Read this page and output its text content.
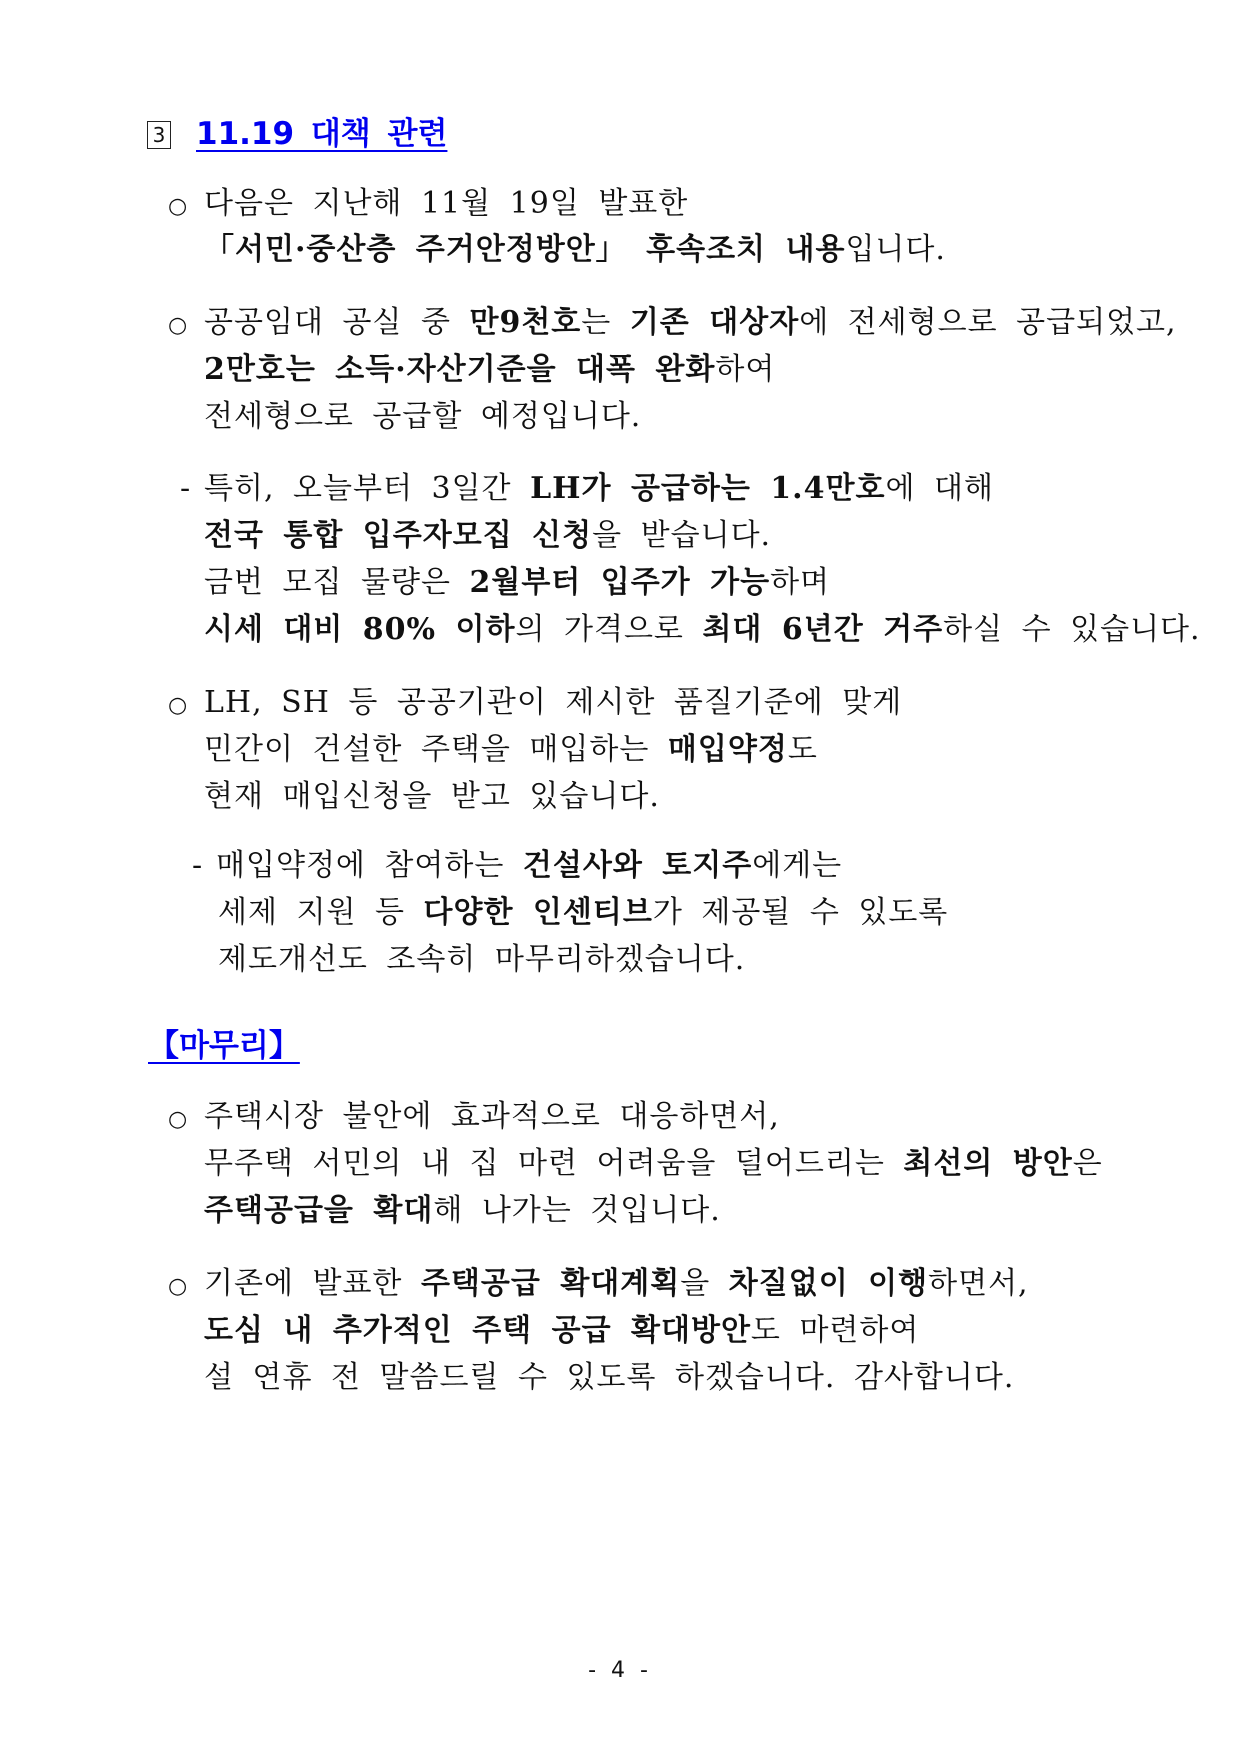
3 11.19 대책 관련
○ 다음은 지난해 11월 19일 발표한
「서민·중산층 주거안정방안」 후속조치 내용입니다.
○ 공공임대 공실 중 만9천호는 기존 대상자에 전세형으로 공급되었고,
2만호는 소득·자산기준을 대폭 완화하여
전세형으로 공급할 예정입니다.
- 특히, 오늘부터 3일간 LH가 공급하는 1.4만호에 대해
전국 통합 입주자모집 신청을 받습니다.
금번 모집 물량은 2월부터 입주가 가능하며
시세 대비 80% 이하의 가격으로 최대 6년간 거주하실 수 있습니다.
○ LH, SH 등 공공기관이 제시한 품질기준에 맞게
민간이 건설한 주택을 매입하는 매입약정도
현재 매입신청을 받고 있습니다.
- 매입약정에 참여하는 건설사와 토지주에게는
세제 지원 등 다양한 인센티브가 제공될 수 있도록
제도개선도 조속히 마무리하겠습니다.
【마무리】
○ 주택시장 불안에 효과적으로 대응하면서,
무주택 서민의 내 집 마련 어려움을 덜어드리는 최선의 방안은
주택공급을 확대해 나가는 것입니다.
○ 기존에 발표한 주택공급 확대계획을 차질없이 이행하면서,
도심 내 추가적인 주택 공급 확대방안도 마련하여
설 연휴 전 말씀드릴 수 있도록 하겠습니다. 감사합니다.
- 4 -
